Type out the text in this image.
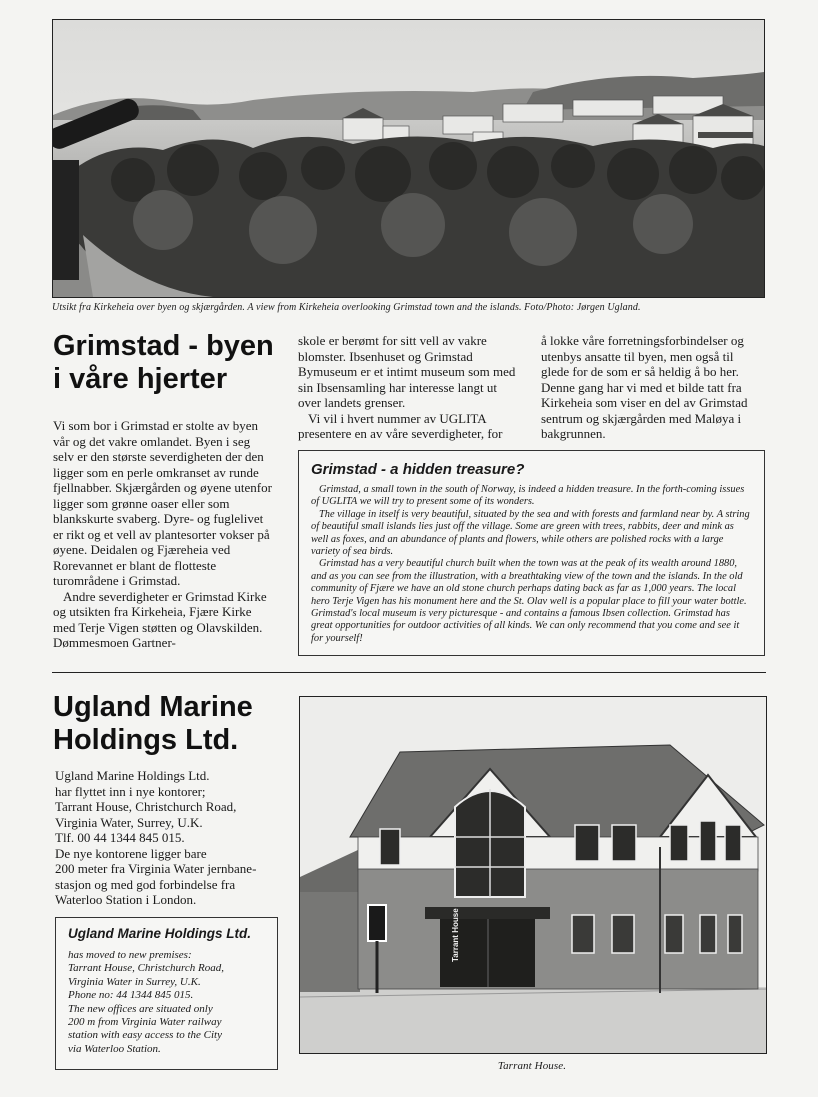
Utsikt fra Kirkeheia over byen og skjærgården. A view from Kirkeheia overlooking Grimstad town and the islands. Foto/Photo: Jørgen Ugland.
Grimstad - byen
i våre hjerter

Vi som bor i Grimstad er stolte av byen vår og det vakre omlandet. Byen i seg selv er den største severdigheten der den ligger som en perle omkranset av runde fjellnabber. Skjærgården og øyene utenfor ligger som grønne oaser eller som blankskurte svaberg. Dyre- og fuglelivet er rikt og et vell av plantesorter vokser på øyene. Deidalen og Fjæreheia ved Rorevannet er blant de flotteste turområdene i Grimstad.

Andre severdigheter er Grimstad Kirke og utsikten fra Kirkeheia, Fjære Kirke med Terje Vigen støtten og Olavskilden. Dømmesmoen Gartner-

skole er berømt for sitt vell av vakre blomster. Ibsenhuset og Grimstad Bymuseum er et intimt museum som med sin Ibsensamling har interesse langt ut over landets grenser.

Vi vil i hvert nummer av UGLITA presentere en av våre severdigheter, for

å lokke våre forretningsforbindelser og utenbys ansatte til byen, men også til glede for de som er så heldig å bo her. Denne gang har vi med et bilde tatt fra Kirkeheia som viser en del av Grimstad sentrum og skjærgården med Maløya i bakgrunnen.

Grimstad - a hidden treasure?

Grimstad, a small town in the south of Norway, is indeed a hidden treasure. In the forth-coming issues of UGLITA we will try to present some of its wonders.

The village in itself is very beautiful, situated by the sea and with forests and farmland near by. A string of beautiful small islands lies just off the village. Some are green with trees, rabbits, deer and mink as well as foxes, and an abundance of plants and flowers, while others are polished rocks with a large variety of sea birds.

Grimstad has a very beautiful church built when the town was at the peak of its wealth around 1880, and as you can see from the illustration, with a breathtaking view of the town and the islands. In the old community of Fjære we have an old stone church perhaps dating back as far as 1,000 years. The local hero Terje Vigen has his monument here and the St. Olav well is a popular place to fill your water bottle. Grimstad's local museum is very picturesque - and contains a famous Ibsen collection. Grimstad has great opportunities for outdoor activities of all kinds. We can only recommend that you come and see it for yourself!

Ugland Marine
Holdings Ltd.

Ugland Marine Holdings Ltd.

har flyttet inn i nye kontorer;

Tarrant House, Christchurch Road,

Virginia Water, Surrey, U.K.

Tlf. 00 44 1344 845 015.

De nye kontorene ligger bare

200 meter fra Virginia Water jernbane-

stasjon og med god forbindelse fra

Waterloo Station i London.

Ugland Marine Holdings Ltd.

has moved to new premises:

Tarrant House, Christchurch Road,

Virginia Water in Surrey, U.K.

Phone no: 44 1344 845 015.

The new offices are situated only

200 m from Virginia Water railway

station with easy access to the City

via Waterloo Station.

Tarrant House
Tarrant House.
